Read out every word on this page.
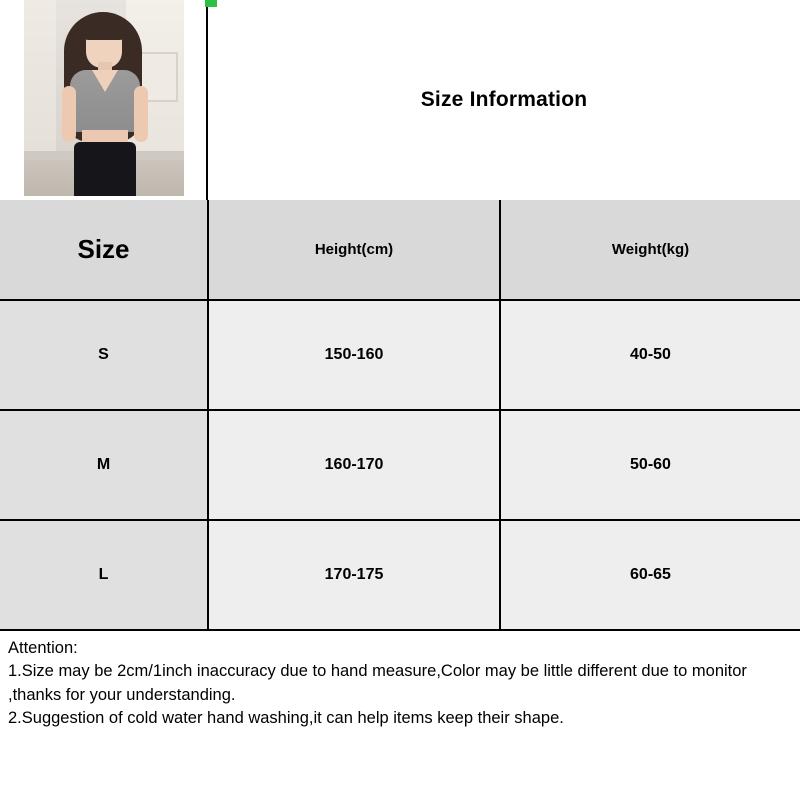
Size Information
Size	Height(cm)	Weight(kg)
S	150-160	40-50
M	160-170	50-60
L	170-175	60-65
Attention:
1.Size may be 2cm/1inch inaccuracy due to hand measure,Color may be little different due to monitor ,thanks for your understanding.
2.Suggestion of cold water hand washing,it can help items keep their shape.
